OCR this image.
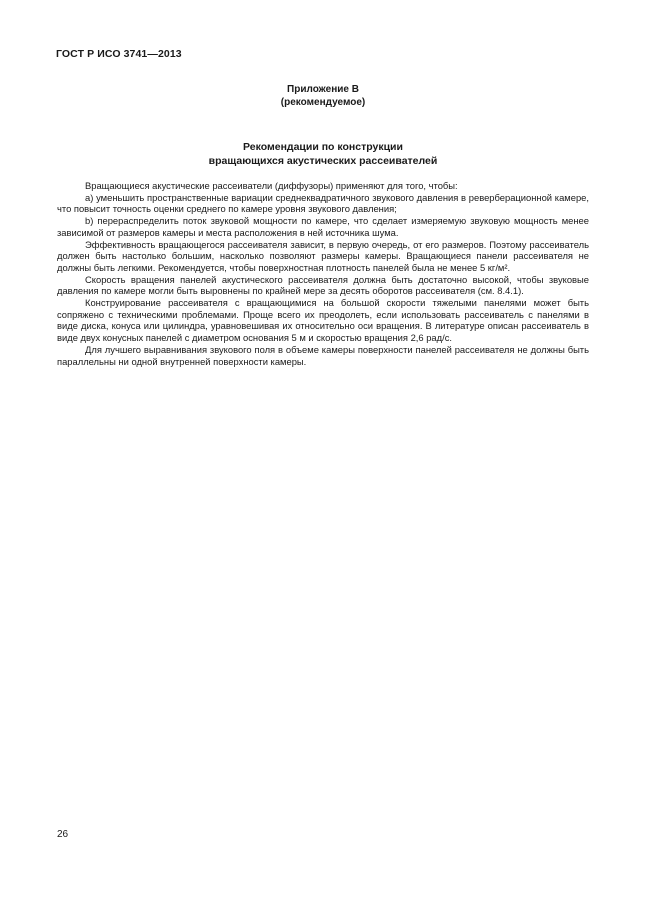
ГОСТ Р ИСО 3741—2013
Приложение В
(рекомендуемое)
Рекомендации по конструкции
вращающихся акустических рассеивателей

Вращающиеся акустические рассеиватели (диффузоры) применяют для того, чтобы:

a) уменьшить пространственные вариации среднеквадратичного звукового давления в реверберационной камере, что повысит точность оценки среднего по камере уровня звукового давления;

b) перераспределить поток звуковой мощности по камере, что сделает измеряемую звуковую мощность менее зависимой от размеров камеры и места расположения в ней источника шума.

Эффективность вращающегося рассеивателя зависит, в первую очередь, от его размеров. Поэтому рассеиватель должен быть настолько большим, насколько позволяют размеры камеры. Вращающиеся панели рассеивателя не должны быть легкими. Рекомендуется, чтобы поверхностная плотность панелей была не менее 5 кг/м².

Скорость вращения панелей акустического рассеивателя должна быть достаточно высокой, чтобы звуковые давления по камере могли быть выровнены по крайней мере за десять оборотов рассеивателя (см. 8.4.1).

Конструирование рассеивателя с вращающимися на большой скорости тяжелыми панелями может быть сопряжено с техническими проблемами. Проще всего их преодолеть, если использовать рассеиватель с панелями в виде диска, конуса или цилиндра, уравновешивая их относительно оси вращения. В литературе описан рассеиватель в виде двух конусных панелей с диаметром основания 5 м и скоростью вращения 2,6 рад/с.

Для лучшего выравнивания звукового поля в объеме камеры поверхности панелей рассеивателя не должны быть параллельны ни одной внутренней поверхности камеры.

26
